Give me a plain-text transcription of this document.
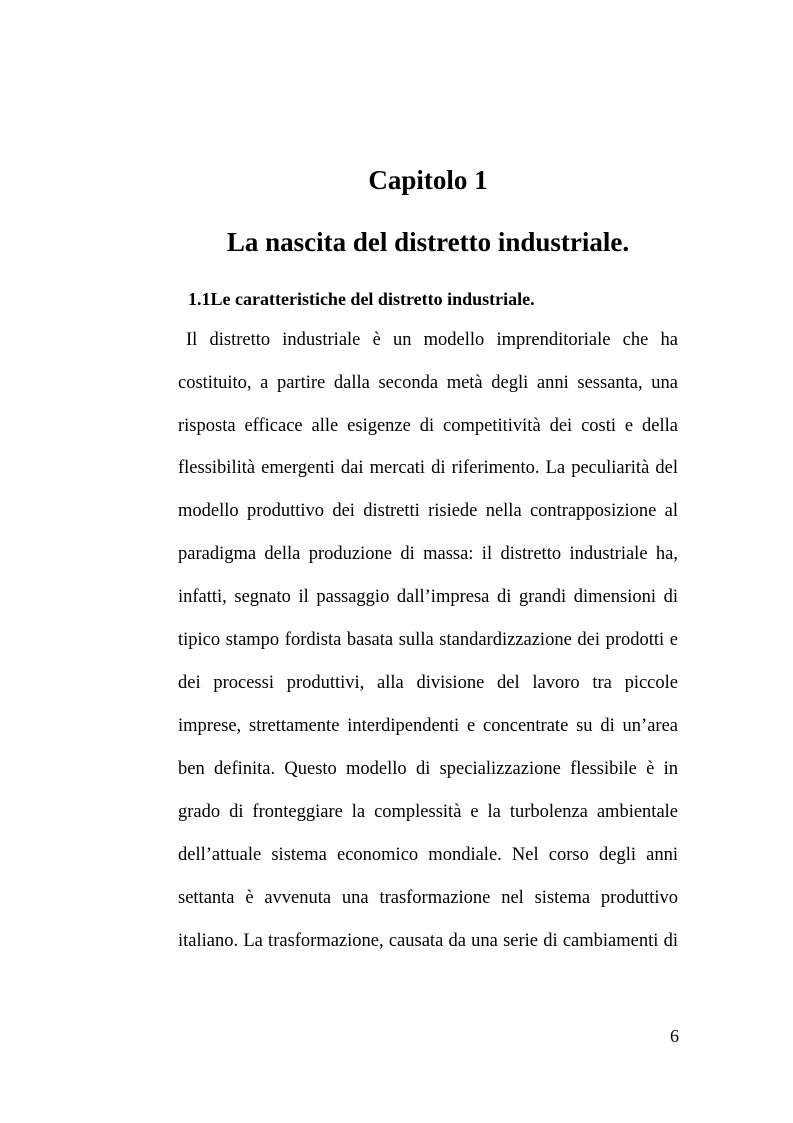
Capitolo 1
La nascita del distretto industriale.
1.1Le caratteristiche del distretto industriale.
Il distretto industriale è un modello imprenditoriale che ha
costituito, a partire dalla seconda metà degli anni sessanta, una
risposta efficace alle esigenze di competitività dei costi e della
flessibilità emergenti dai mercati di riferimento. La peculiarità del
modello produttivo dei distretti risiede nella contrapposizione al
paradigma della produzione di massa: il distretto industriale ha,
infatti, segnato il passaggio dall’impresa di grandi dimensioni di
tipico stampo fordista basata sulla standardizzazione dei prodotti e
dei processi produttivi, alla divisione del lavoro tra piccole
imprese, strettamente interdipendenti e concentrate su di un’area
ben definita. Questo modello di specializzazione flessibile è in
grado di fronteggiare la complessità e la turbolenza ambientale
dell’attuale sistema economico mondiale. Nel corso degli anni
settanta è avvenuta una trasformazione nel sistema produttivo
italiano. La trasformazione, causata da una serie di cambiamenti di
6
